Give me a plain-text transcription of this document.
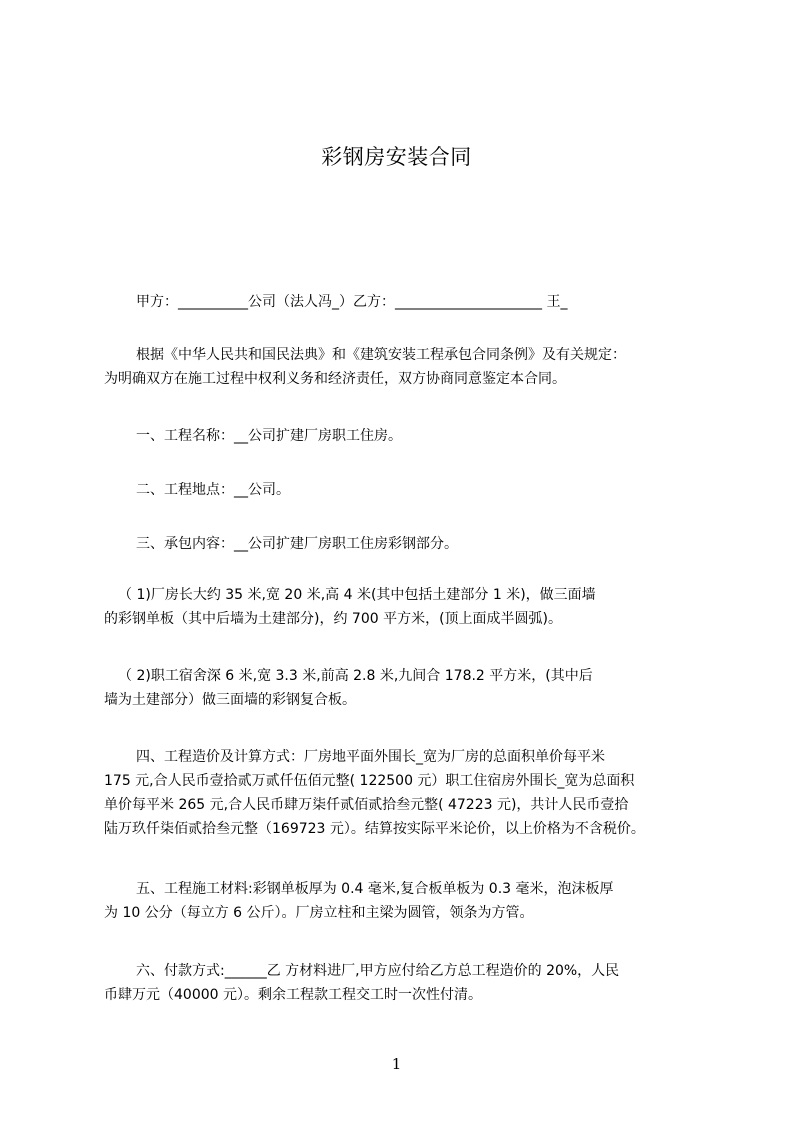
彩钢房安装合同
甲方：__________公司（法人冯_）乙方：_____________________ 王_
根据《中华人民共和国民法典》和《建筑安装工程承包合同条例》及有关规定：
为明确双方在施工过程中权利义务和经济责任，双方协商同意鉴定本合同。
一、工程名称：__公司扩建厂房职工住房。
二、工程地点：__公司。
三、承包内容：__公司扩建厂房职工住房彩钢部分。
（ 1)厂房长大约 35 米,宽 20 米,高 4 米(其中包括土建部分 1 米)，做三面墙
的彩钢单板（其中后墙为土建部分)，约 700 平方米，(顶上面成半圆弧)。
（ 2)职工宿舍深 6 米,宽 3.3 米,前高 2.8 米,九间合 178.2 平方米，(其中后
墙为土建部分）做三面墙的彩钢复合板。
四、工程造价及计算方式：厂房地平面外围长_宽为厂房的总面积单价每平米
175 元,合人民币壹拾贰万贰仟伍佰元整( 122500 元）职工住宿房外围长_宽为总面积
单价每平米 265 元,合人民币肆万柒仟贰佰贰拾叁元整( 47223 元)，共计人民币壹拾
陆万玖仟柒佰贰拾叁元整（169723 元）。结算按实际平米论价，以上价格为不含税价。
五、工程施工材料:彩钢单板厚为 0.4 毫米,复合板单板为 0.3 毫米，泡沫板厚
为 10 公分（每立方 6 公斤）。厂房立柱和主梁为圆管，领条为方管。
六、付款方式:______乙 方材料进厂,甲方应付给乙方总工程造价的 20%，人民
币肆万元（40000 元）。剩余工程款工程交工时一次性付清。
1
